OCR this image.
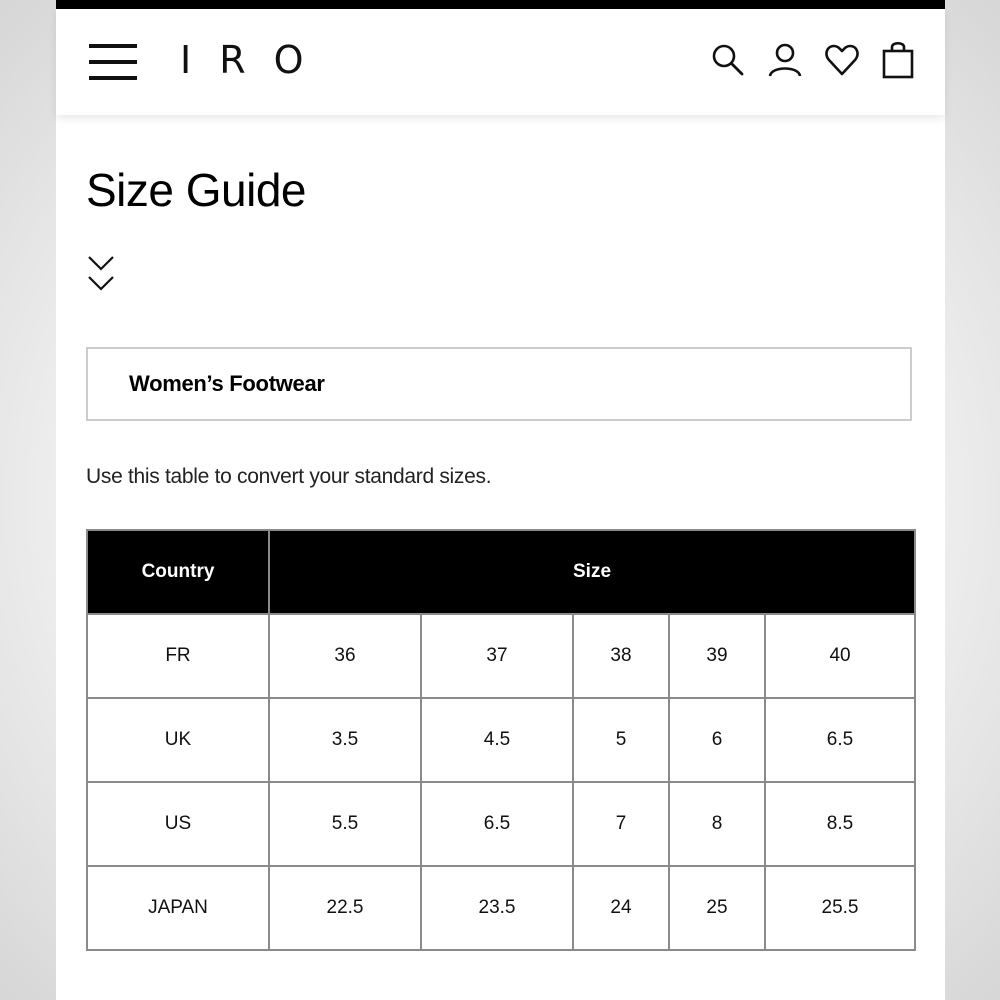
IRO
Size Guide
Women’s Footwear
Use this table to convert your standard sizes.
Country	Size				
FR	36	37	38	39	40
UK	3.5	4.5	5	6	6.5
US	5.5	6.5	7	8	8.5
JAPAN	22.5	23.5	24	25	25.5
